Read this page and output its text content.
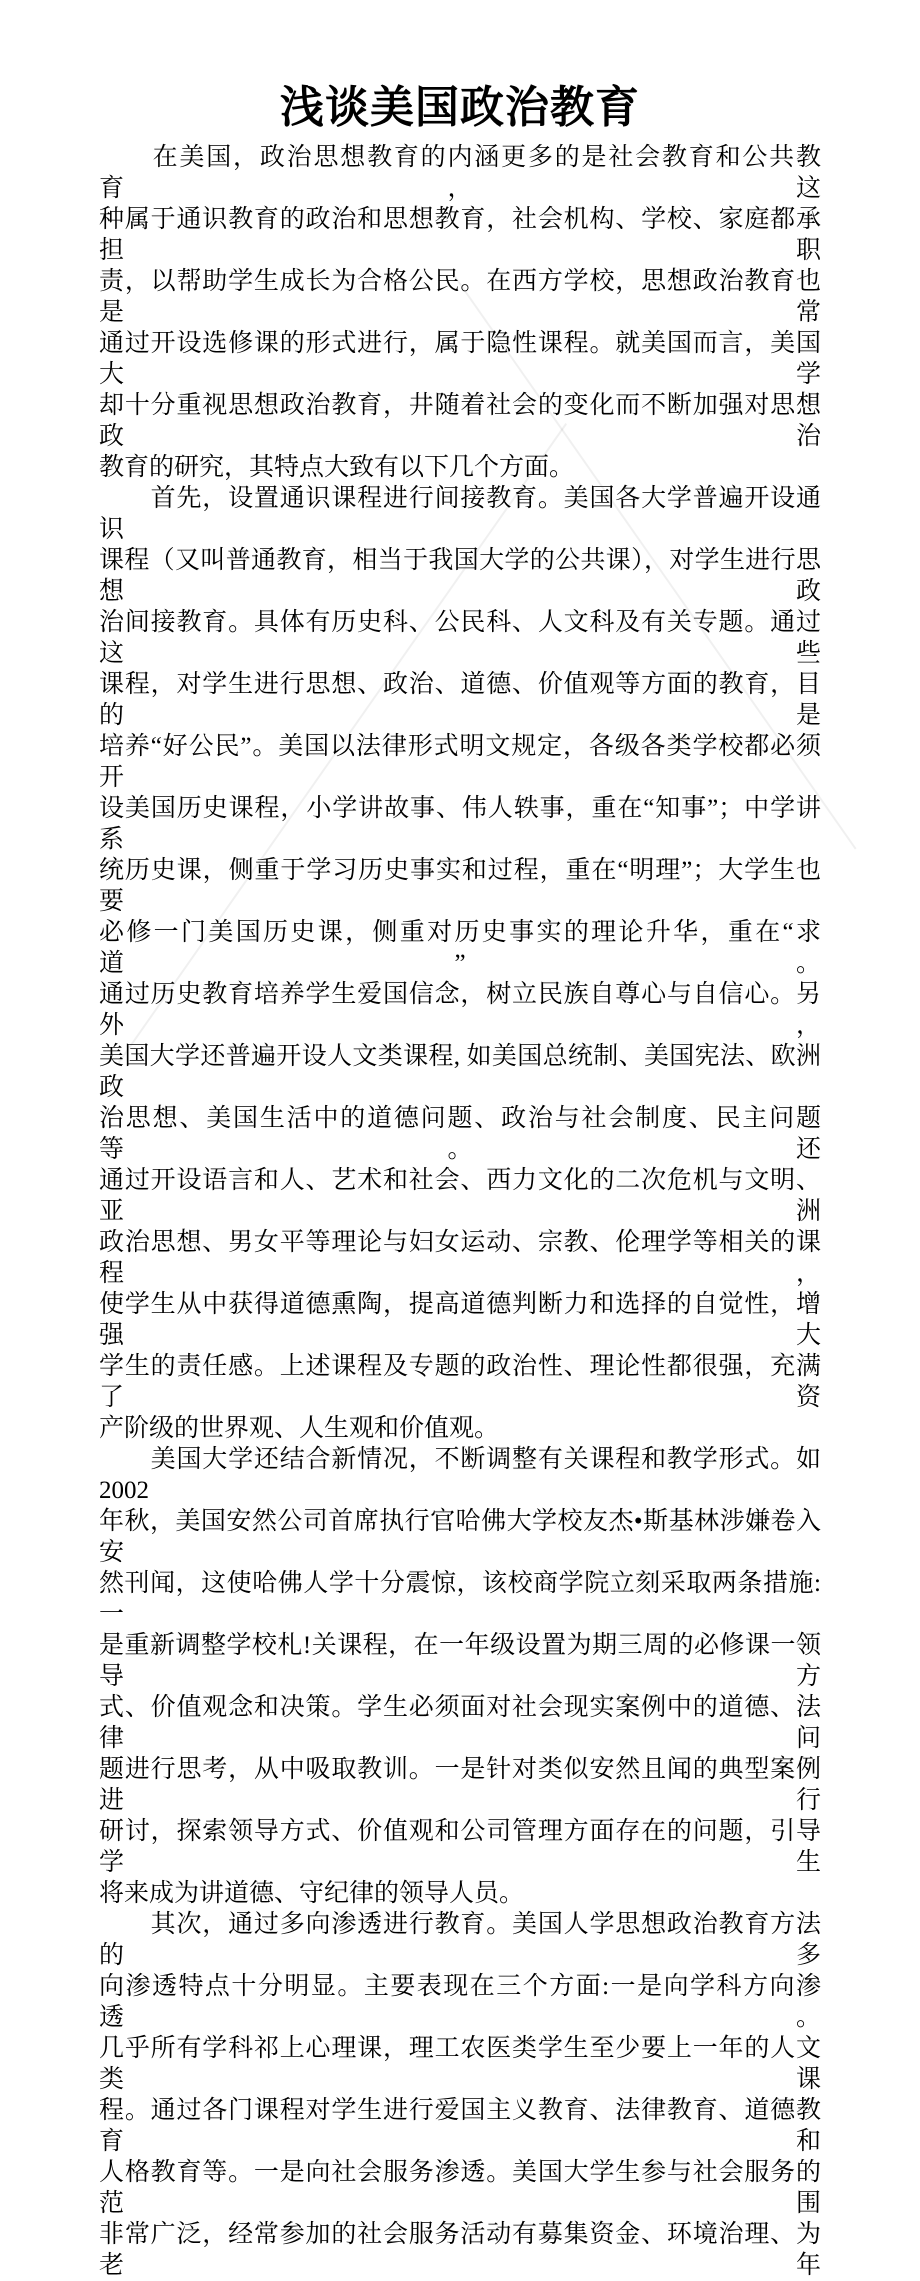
浅谈美国政治教育
　　在美国，政治思想教育的内涵更多的是社会教育和公共教育，这
种属于通识教育的政治和思想教育，社会机构、学校、家庭都承担职
责，以帮助学生成长为合格公民。在西方学校，思想政治教育也是常
通过开设选修课的形式进行，属于隐性课程。就美国而言，美国大学
却十分重视思想政治教育，井随着社会的变化而不断加强对思想政治
教育的研究，其特点大致有以下几个方面。
　　首先，设置通识课程进行间接教育。美国各大学普遍开设通识
课程（又叫普通教育，相当于我国大学的公共课），对学生进行思想政
治间接教育。具体有历史科、公民科、人文科及有关专题。通过这些
课程，对学生进行思想、政治、道德、价值观等方面的教育，目的是
培养“好公民”。美国以法律形式明文规定，各级各类学校都必须开
设美国历史课程，小学讲故事、伟人轶事，重在“知事”；中学讲系
统历史课，侧重于学习历史事实和过程，重在“明理”；大学生也要
必修一门美国历史课，侧重对历史事实的理论升华，重在“求道”。
通过历史教育培养学生爱国信念，树立民族自尊心与自信心。另外，
美国大学还普遍开设人文类课程, 如美国总统制、美国宪法、欧洲政
治思想、美国生活中的道德问题、政治与社会制度、民主问题等。还
通过开设语言和人、艺术和社会、西力文化的二次危机与文明、亚洲
政治思想、男女平等理论与妇女运动、宗教、伦理学等相关的课程，
使学生从中获得道德熏陶，提高道德判断力和选择的自觉性，增强大
学生的责任感。上述课程及专题的政治性、理论性都很强，充满了资
产阶级的世界观、人生观和价值观。
　　美国大学还结合新情况，不断调整有关课程和教学形式。如2002
年秋，美国安然公司首席执行官哈佛大学校友杰•斯基林涉嫌卷入安
然刊闻，这使哈佛人学十分震惊，该校商学院立刻采取两条措施:一
是重新调整学校札!关课程，在一年级设置为期三周的必修课一领导方
式、价值观念和决策。学生必须面对社会现实案例中的道德、法律问
题进行思考，从中吸取教训。一是针对类似安然且闻的典型案例进行
研讨，探索领导方式、价值观和公司管理方面存在的问题，引导学生
将来成为讲道德、守纪律的领导人员。
　　其次，通过多向渗透进行教育。美国人学思想政治教育方法的多
向渗透特点十分明显。主要表现在三个方面:一是向学科方向渗透。
几乎所有学科祁上心理课，理工农医类学生至少要上一年的人文类课
程。通过各门课程对学生进行爱国主义教育、法律教育、道德教育和
人格教育等。一是向社会服务渗透。美国大学生参与社会服务的范围
非常广泛，经常参加的社会服务活动有募集资金、环境治理、为老年
